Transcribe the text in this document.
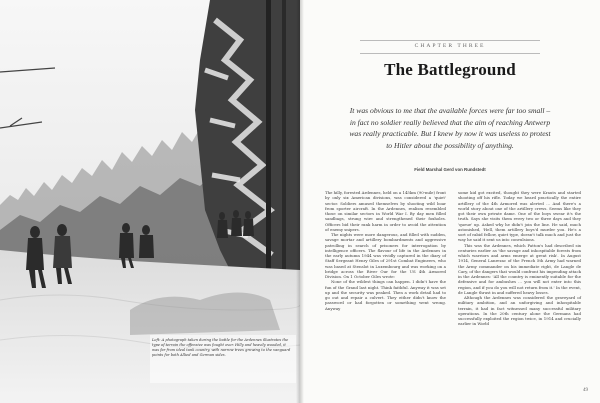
Left: A photograph taken during the battle for the Ardennes illustrates the type of terrain the offensive was fought over. Hilly and heavily wooded, it was far from ideal tank country, with narrow trees growing to the vanguard points for both Allied and German sides.
CHAPTER THREE
The Battleground
It was obvious to me that the available forces were far too small –
in fact no soldier really believed that the aim of reaching Antwerp
was really practicable. But I knew by now it was useless to protest
to Hitler about the possibility of anything.
Field Marshal Gerd von Rundstedt

The hilly, forested Ardennes, held on a 145km (90-mile) front by only six American divisions, was considered a 'quiet' sector. Soldiers amused themselves by shooting wild boar from sporter aircraft. In the Ardennes, realism resembled those on similar sectors in World War I. By day men filled sandbags, strung wire and strengthened their foxholes. Officers bid their rank harm in order to avoid the attention of enemy snipers.

The nights were more dangerous, and filled with sudden, savage mortar and artillery bombardments and aggressive patrolling in search of prisoners for interrogation by intelligence officers. The flavour of life in the Ardennes in the early autumn 1944 was vividly captured in the diary of Staff Sergeant Henry Giles of 291st Combat Engineers, who was based at Stenslot in Luxembourg and was working on a bridge across the River Our for the US 4th Armored Division. On 1 October Giles wrote:

None of the wildest things can happen. I didn't have the fun of the Grand last night. Think faithful. Anyway it was set up and the security was peaked. Then a work detail had to go out and repair a culvert. They either didn't know the password or had forgotten or something went wrong. Anyway

some kid got excited, thought they were Krauts and started shooting off his rifle. Today we heard practically the entire artillery of the 4th Armored was alerted … And there's a world story about one of the artillery crews. Seems like they got their own private dame. One of the boys swear it's the truth. Says she visits them every two or three days and they 'queue' up. Asked why he didn't join the line. He said, much astonished, 'Hell, them artillery boys'd murder you. He's a sort of rabid fellow, quiet type, doesn't talk much and just the way he said it sent us into convulsions.

This was the Ardennes, which Patton's had described six centuries earlier as 'the savage and inhospitable forests from which warriors and arms emerge at great risk'. In August 1914, General Lanrezac of the French 5th Army had warned the Army commander on his immediate right, de Langle de Cary, of the dangers that would confront his impending attack in the Ardennes: 'All the country is eminently suitable for the defensive and for ambushes … you will not enter into this region, and if you do you will not return from it.' In the event, de Langle thrust in and suffered heavy losses.

Although the Ardennes was considered the graveyard of military ambition, and an unforgiving and inhospitable terrain, it had in fact witnessed many successful military operations. In the 20th century alone the Germans had successfully exploited the region twice, in 1914 and crucially earlier in World

49
